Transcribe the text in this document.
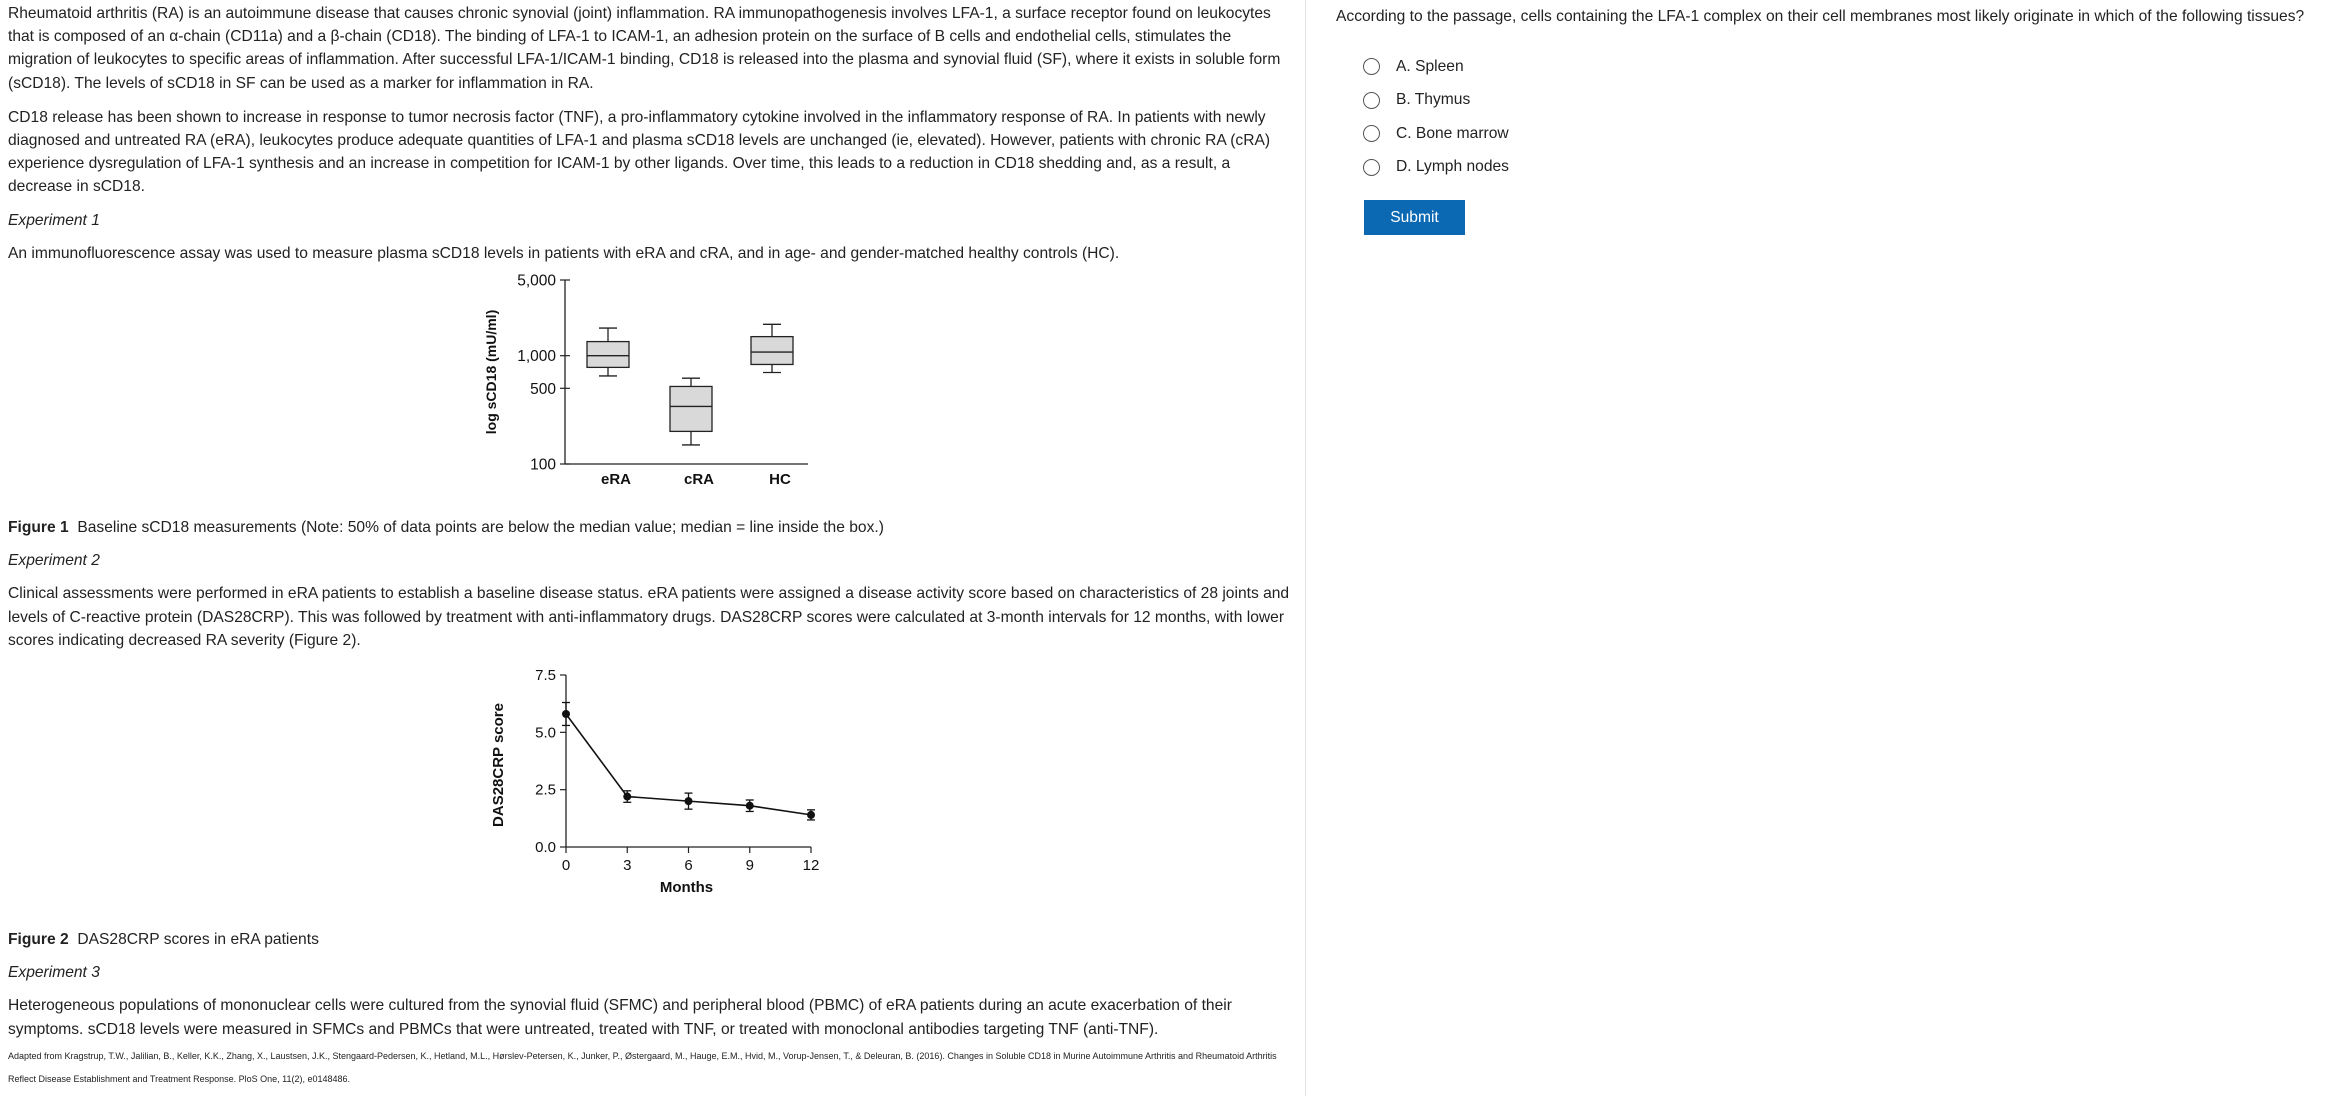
Rheumatoid arthritis (RA) is an autoimmune disease that causes chronic synovial (joint) inflammation. RA immunopathogenesis involves LFA-1, a surface receptor found on leukocytes that is composed of an α-chain (CD11a) and a β-chain (CD18). The binding of LFA-1 to ICAM-1, an adhesion protein on the surface of B cells and endothelial cells, stimulates the migration of leukocytes to specific areas of inflammation. After successful LFA-1/ICAM-1 binding, CD18 is released into the plasma and synovial fluid (SF), where it exists in soluble form (sCD18). The levels of sCD18 in SF can be used as a marker for inflammation in RA.

CD18 release has been shown to increase in response to tumor necrosis factor (TNF), a pro-inflammatory cytokine involved in the inflammatory response of RA. In patients with newly diagnosed and untreated RA (eRA), leukocytes produce adequate quantities of LFA-1 and plasma sCD18 levels are unchanged (ie, elevated). However, patients with chronic RA (cRA) experience dysregulation of LFA-1 synthesis and an increase in competition for ICAM-1 by other ligands. Over time, this leads to a reduction in CD18 shedding and, as a result, a decrease in sCD18.

Experiment 1

An immunofluorescence assay was used to measure plasma sCD18 levels in patients with eRA and cRA, and in age- and gender-matched healthy controls (HC).

100
500
1,000
5,000
log sCD18 (mU/ml)
eRA	cRA	HC

Figure 1 Baseline sCD18 measurements (Note: 50% of data points are below the median value; median = line inside the box.)

Experiment 2

Clinical assessments were performed in eRA patients to establish a baseline disease status. eRA patients were assigned a disease activity score based on characteristics of 28 joints and levels of C-reactive protein (DAS28CRP). This was followed by treatment with anti-inflammatory drugs. DAS28CRP scores were calculated at 3-month intervals for 12 months, with lower scores indicating decreased RA severity (Figure 2).

0.0
2.5
5.0
7.5
0	3	6	9	12
Months
DAS28CRP score

Figure 2 DAS28CRP scores in eRA patients

Experiment 3

Heterogeneous populations of mononuclear cells were cultured from the synovial fluid (SFMC) and peripheral blood (PBMC) of eRA patients during an acute exacerbation of their symptoms. sCD18 levels were measured in SFMCs and PBMCs that were untreated, treated with TNF, or treated with monoclonal antibodies targeting TNF (anti-TNF).

Adapted from Kragstrup, T.W., Jalilian, B., Keller, K.K., Zhang, X., Laustsen, J.K., Stengaard-Pedersen, K., Hetland, M.L., Hørslev-Petersen, K., Junker, P., Østergaard, M., Hauge, E.M., Hvid, M., Vorup-Jensen, T., & Deleuran, B. (2016). Changes in Soluble CD18 in Murine Autoimmune Arthritis and Rheumatoid Arthritis Reflect Disease Establishment and Treatment Response. PloS One, 11(2), e0148486.

According to the passage, cells containing the LFA-1 complex on their cell membranes most likely originate in which of the following tissues?
A. Spleen
B. Thymus
C. Bone marrow
D. Lymph nodes
Submit
